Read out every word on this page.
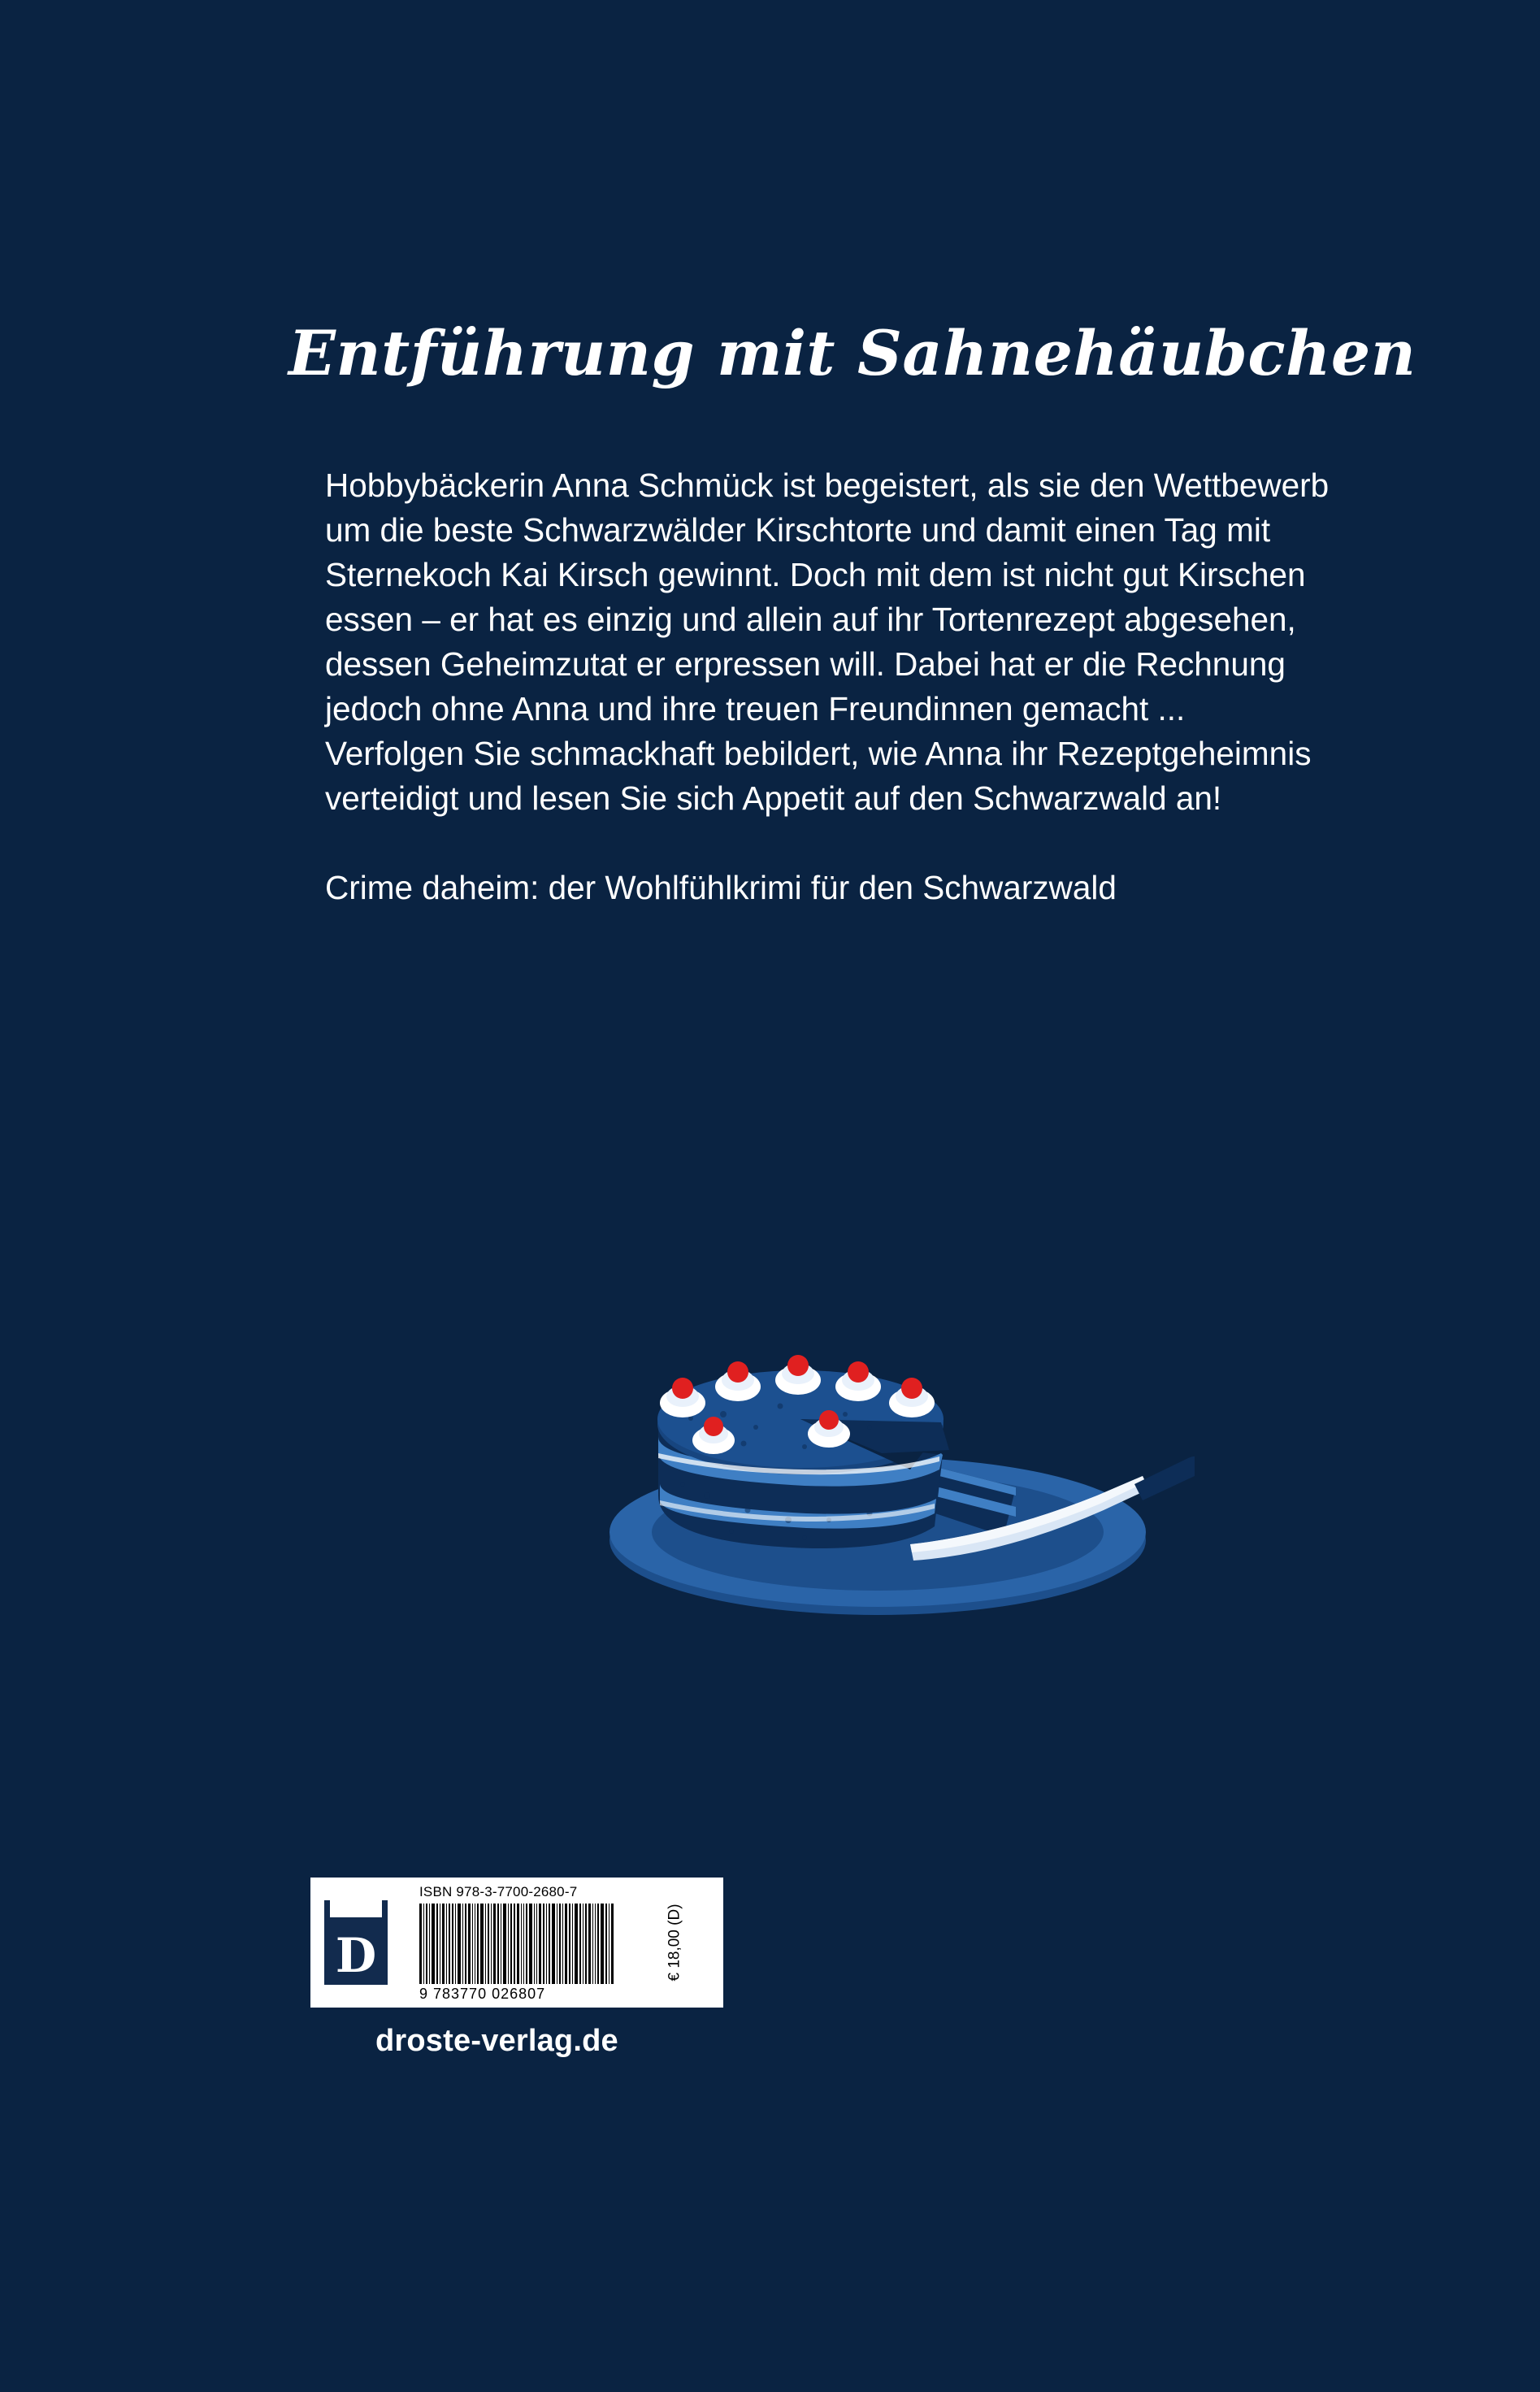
Entführung mit Sahnehäubchen

Hobbybäckerin Anna Schmück ist begeistert, als sie den Wettbewerb um die beste Schwarzwälder Kirschtorte und damit einen Tag mit Sternekoch Kai Kirsch gewinnt. Doch mit dem ist nicht gut Kirschen essen – er hat es einzig und allein auf ihr Tortenrezept abgesehen, dessen Geheimzutat er erpressen will. Dabei hat er die Rechnung jedoch ohne Anna und ihre treuen Freundinnen gemacht ...

Verfolgen Sie schmackhaft bebildert, wie Anna ihr Rezeptgeheimnis verteidigt und lesen Sie sich Appetit auf den Schwarzwald an!

Crime daheim: der Wohlfühlkrimi für den Schwarzwald

D
ISBN 978-3-7700-2680-7
9 783770 026807
€ 18,00 (D)
droste-verlag.de
